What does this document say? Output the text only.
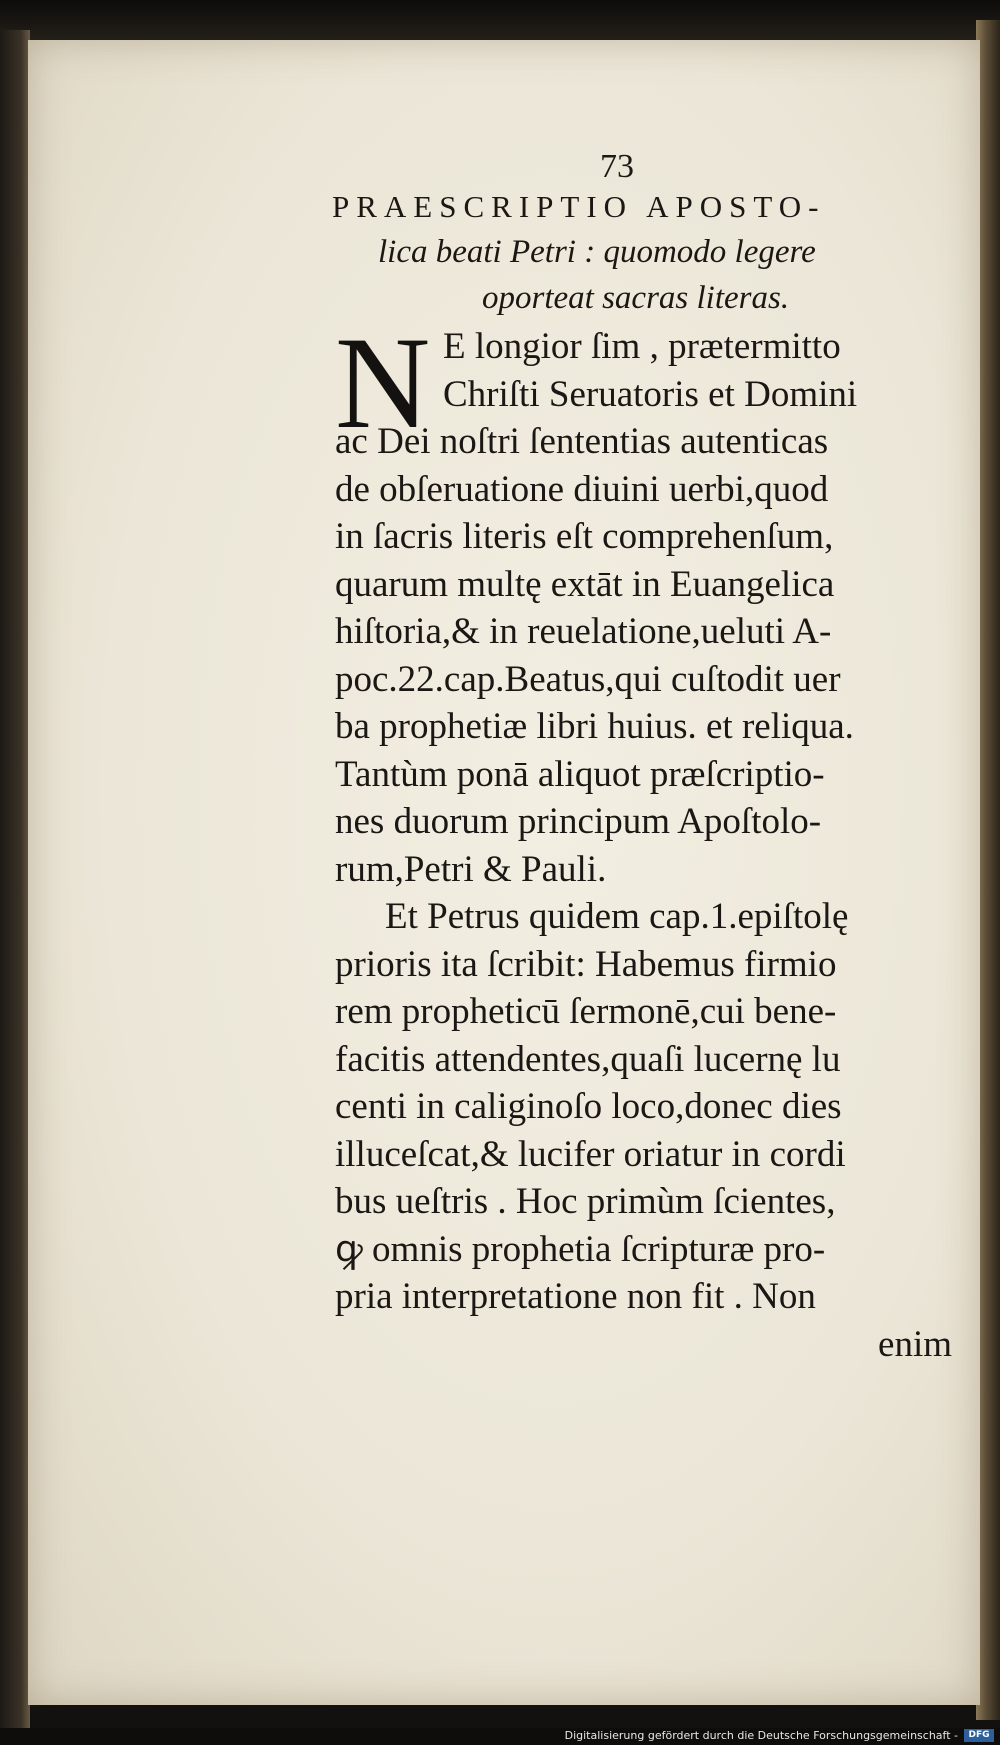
73
PRAESCRIPTIO APOSTO-
lica beati Petri : quomodo legere
oporteat sacras literas.
N E longior ſim , prætermitto
Chriſti Seruatoris et Domini
ac Dei noſtri ſententias autenticas
de obſeruatione diuini uerbi,quod
in ſacris literis eſt comprehenſum,
quarum multę extāt in Euangelica
hiſtoria,& in reuelatione,ueluti A-
poc.22.cap.Beatus,qui cuſtodit uer
ba prophetiæ libri huius. et reliqua.
Tantùm ponā aliquot præſcriptio-
nes duorum principum Apoſtolo-
rum,Petri & Pauli.
Et Petrus quidem cap.1.epiſtolę
prioris ita ſcribit: Habemus firmio
rem propheticū ſermonē,cui bene-
facitis attendentes,quaſi lucernę lu
centi in caliginoſo loco,donec dies
illuceſcat,& lucifer oriatur in cordi
bus ueſtris . Hoc primùm ſcientes,
ꝙ omnis prophetia ſcripturæ pro-
pria interpretatione non fit . Non
enim
Digitalisierung gefördert durch die Deutsche Forschungsgemeinschaft -	DFG
